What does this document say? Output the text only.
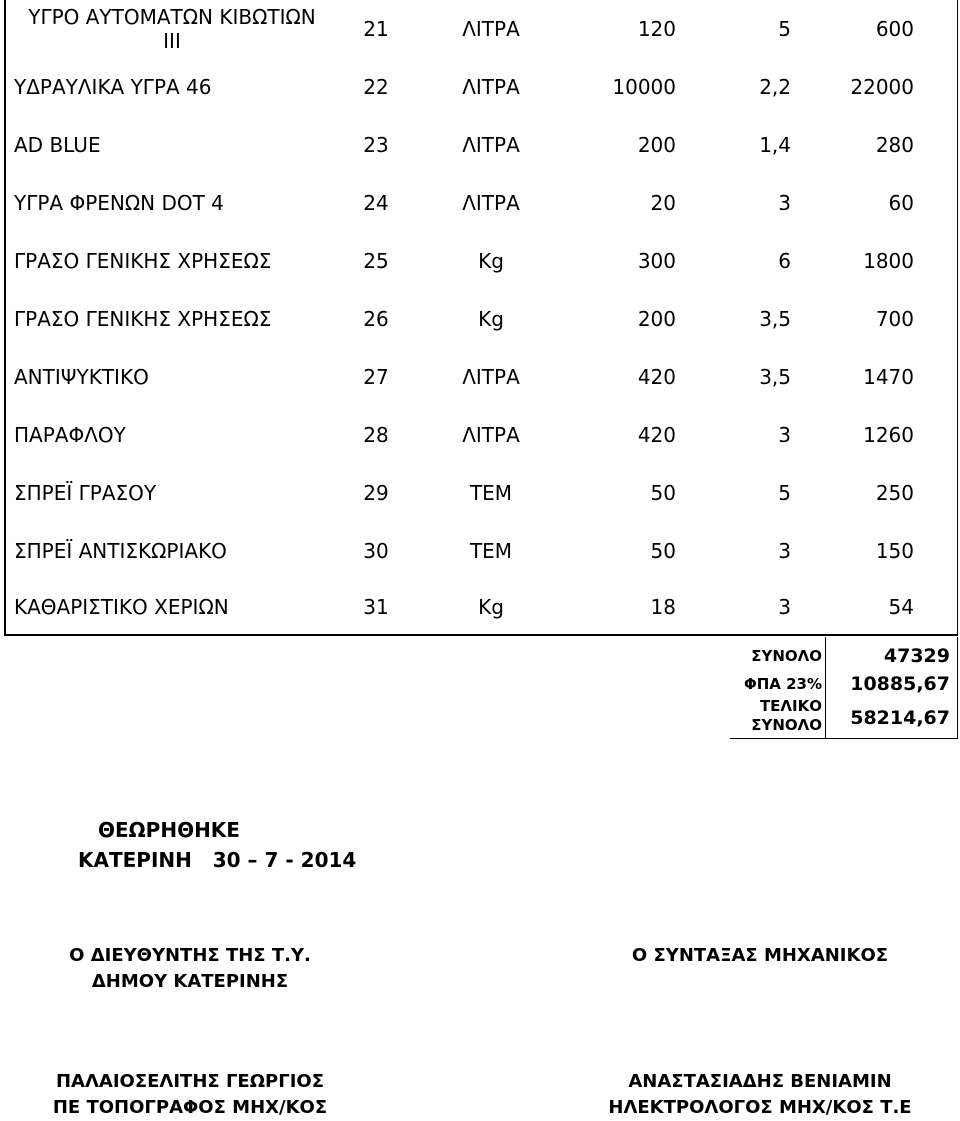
ΥΓΡΟ ΑΥΤΟΜΑΤΩΝ ΚΙΒΩΤΙΩΝ
ΙΙΙ	21	ΛΙΤΡΑ	120	5	600
ΥΔΡΑΥΛΙΚΑ ΥΓΡΑ 46	22	ΛΙΤΡΑ	10000	2,2	22000
AD BLUE	23	ΛΙΤΡΑ	200	1,4	280
ΥΓΡΑ ΦΡΕΝΩΝ DOT 4	24	ΛΙΤΡΑ	20	3	60
ΓΡΑΣΟ ΓΕΝΙΚΗΣ ΧΡΗΣΕΩΣ	25	Kg	300	6	1800
ΓΡΑΣΟ ΓΕΝΙΚΗΣ ΧΡΗΣΕΩΣ	26	Kg	200	3,5	700
ΑΝΤΙΨΥΚΤΙΚΟ	27	ΛΙΤΡΑ	420	3,5	1470
ΠΑΡΑΦΛΟΥ	28	ΛΙΤΡΑ	420	3	1260
ΣΠΡΕΪ ΓΡΑΣΟΥ	29	ΤΕΜ	50	5	250
ΣΠΡΕΪ ΑΝΤΙΣΚΩΡΙΑΚΟ	30	ΤΕΜ	50	3	150
ΚΑΘΑΡΙΣΤΙΚΟ ΧΕΡΙΩΝ	31	Kg	18	3	54
ΣΥΝΟΛΟ	47329
ΦΠΑ 23%	10885,67
ΤΕΛΙΚΟ
ΣΥΝΟΛΟ	58214,67
ΘΕΩΡΗΘΗΚΕ
ΚΑΤΕΡΙΝΗ   30 – 7 - 2014
Ο ΔΙΕΥΘΥΝΤΗΣ ΤΗΣ Τ.Υ.
ΔΗΜΟΥ ΚΑΤΕΡΙΝΗΣ
Ο ΣΥΝΤΑΞΑΣ ΜΗΧΑΝΙΚΟΣ
ΠΑΛΑΙΟΣΕΛΙΤΗΣ ΓΕΩΡΓΙΟΣ
ΠΕ ΤΟΠΟΓΡΑΦΟΣ ΜΗΧ/ΚΟΣ
ΑΝΑΣΤΑΣΙΑΔΗΣ ΒΕΝΙΑΜΙΝ
ΗΛΕΚΤΡΟΛΟΓΟΣ ΜΗΧ/ΚΟΣ Τ.Ε
